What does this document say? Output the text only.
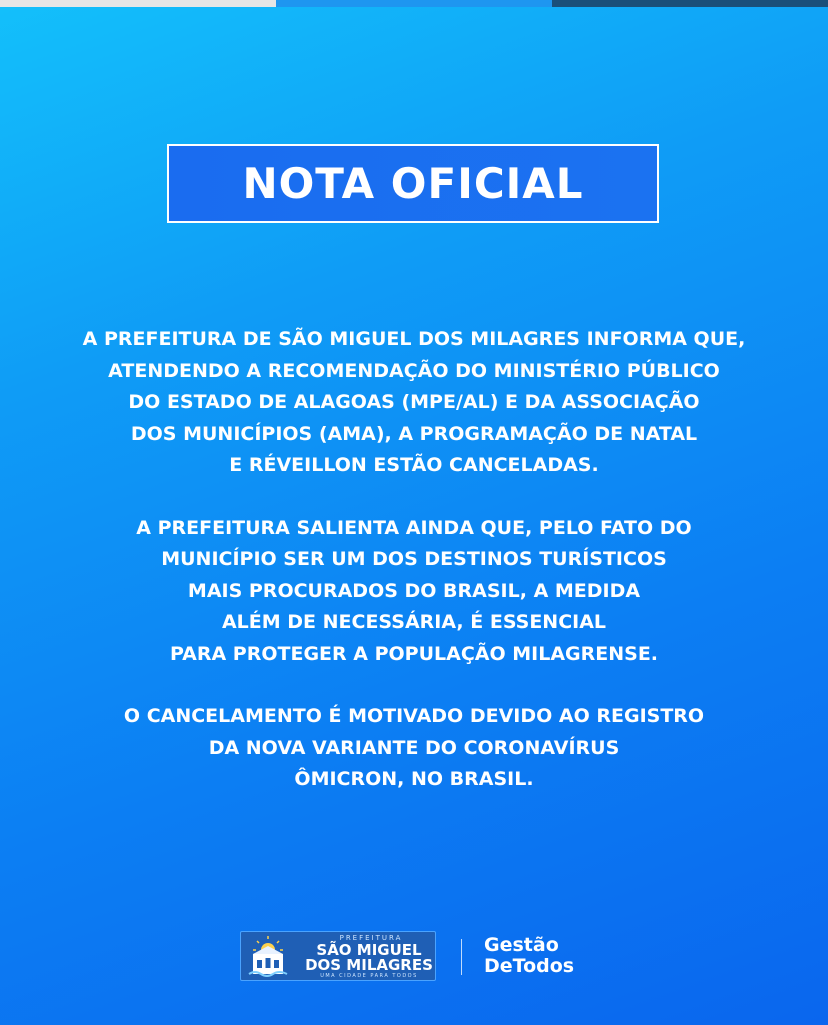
NOTA OFICIAL

A PREFEITURA DE SÃO MIGUEL DOS MILAGRES INFORMA QUE,
ATENDENDO A RECOMENDAÇÃO DO MINISTÉRIO PÚBLICO
DO ESTADO DE ALAGOAS (MPE/AL) E DA ASSOCIAÇÃO
DOS MUNICÍPIOS (AMA), A PROGRAMAÇÃO DE NATAL
E RÉVEILLON ESTÃO CANCELADAS.

A PREFEITURA SALIENTA AINDA QUE, PELO FATO DO
MUNICÍPIO SER UM DOS DESTINOS TURÍSTICOS
MAIS PROCURADOS DO BRASIL, A MEDIDA
ALÉM DE NECESSÁRIA, É ESSENCIAL
PARA PROTEGER A POPULAÇÃO MILAGRENSE.

O CANCELAMENTO É MOTIVADO DEVIDO AO REGISTRO
DA NOVA VARIANTE DO CORONAVÍRUS
ÔMICRON, NO BRASIL.

PREFEITURA
SÃO MIGUEL
DOS MILAGRES
UMA CIDADE PARA TODOS
Gestão
DeTodos
